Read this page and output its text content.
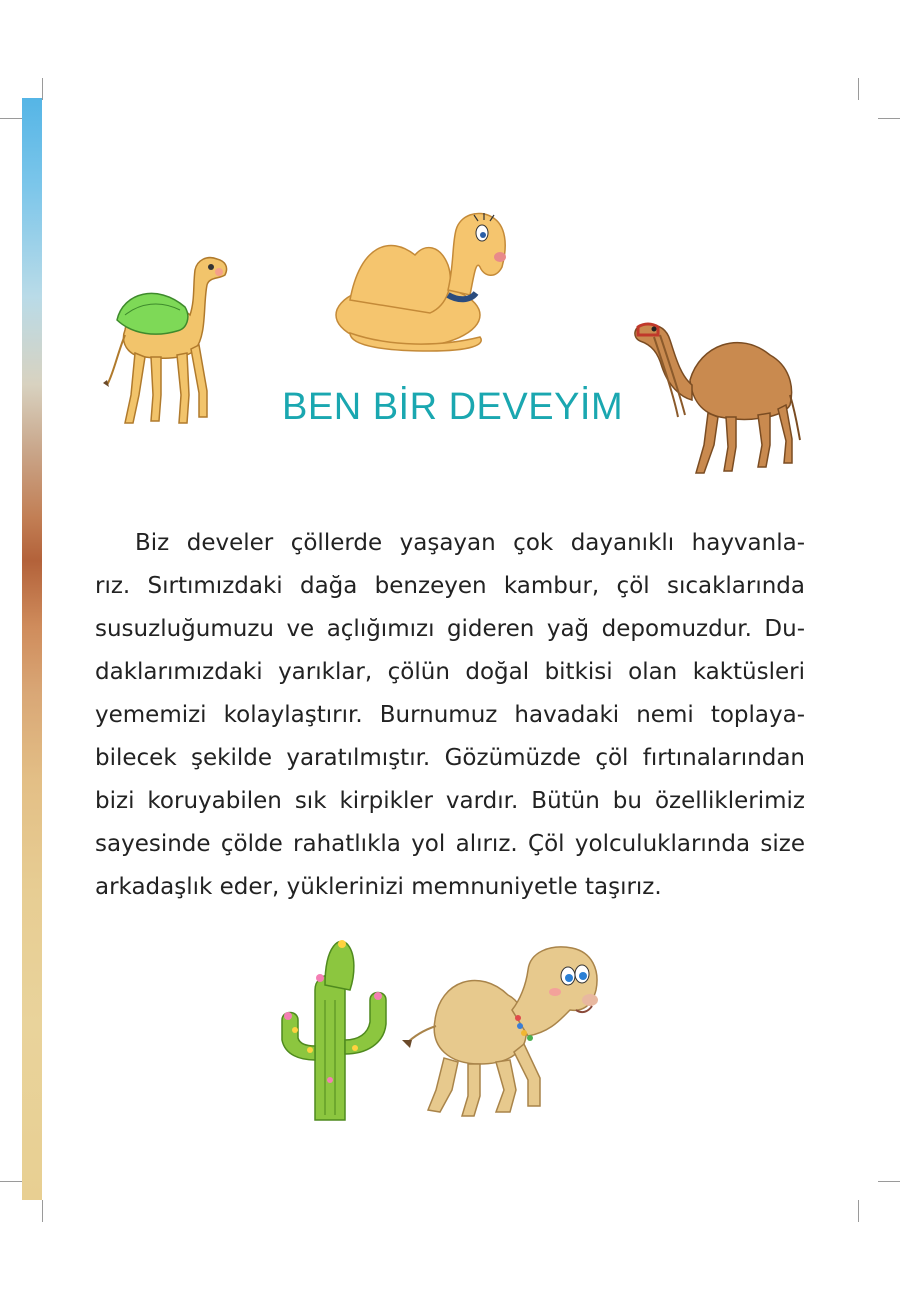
BEN BİR DEVEYİM
Biz develer çöllerde yaşayan çok dayanıklı hayvanla-
rız. Sırtımızdaki dağa benzeyen kambur, çöl sıcaklarında
susuzluğumuzu ve açlığımızı gideren yağ depomuzdur. Du-
daklarımızdaki yarıklar, çölün doğal bitkisi olan kaktüsleri
yememizi kolaylaştırır. Burnumuz havadaki nemi toplaya-
bilecek şekilde yaratılmıştır. Gözümüzde çöl fırtınalarından
bizi koruyabilen sık kirpikler vardır. Bütün bu özelliklerimiz
sayesinde çölde rahatlıkla yol alırız. Çöl yolculuklarında size
arkadaşlık eder, yüklerinizi memnuniyetle taşırız.
